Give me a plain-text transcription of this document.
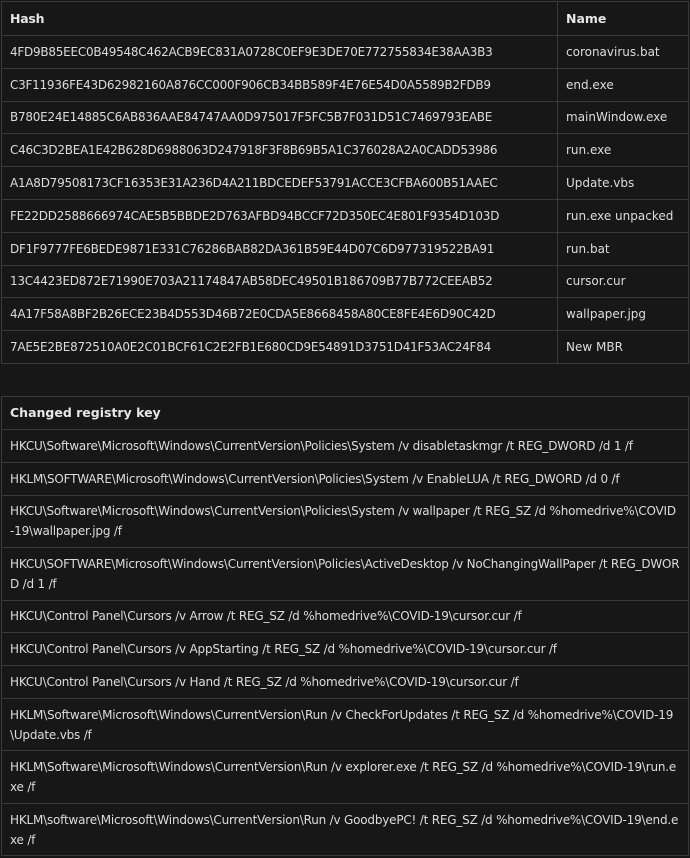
Hash	Name
4FD9B85EEC0B49548C462ACB9EC831A0728C0EF9E3DE70E772755834E38AA3B3	coronavirus.bat
C3F11936FE43D62982160A876CC000F906CB34BB589F4E76E54D0A5589B2FDB9	end.exe
B780E24E14885C6AB836AAE84747AA0D975017F5FC5B7F031D51C7469793EABE	mainWindow.exe
C46C3D2BEA1E42B628D6988063D247918F3F8B69B5A1C376028A2A0CADD53986	run.exe
A1A8D79508173CF16353E31A236D4A211BDCEDEF53791ACCE3CFBA600B51AAEC	Update.vbs
FE22DD2588666974CAE5B5BBDE2D763AFBD94BCCF72D350EC4E801F9354D103D	run.exe unpacked
DF1F9777FE6BEDE9871E331C76286BAB82DA361B59E44D07C6D977319522BA91	run.bat
13C4423ED872E71990E703A21174847AB58DEC49501B186709B77B772CEEAB52	cursor.cur
4A17F58A8BF2B26ECE23B4D553D46B72E0CDA5E8668458A80CE8FE4E6D90C42D	wallpaper.jpg
7AE5E2BE872510A0E2C01BCF61C2E2FB1E680CD9E54891D3751D41F53AC24F84	New MBR
Changed registry key
HKCU\Software\Microsoft\Windows\CurrentVersion\Policies\System /v disabletaskmgr /t REG_DWORD /d 1 /f
HKLM\SOFTWARE\Microsoft\Windows\CurrentVersion\Policies\System /v EnableLUA /t REG_DWORD /d 0 /f
HKCU\Software\Microsoft\Windows\CurrentVersion\Policies\System /v wallpaper /t REG_SZ /d %homedrive%\COVID-19\wallpaper.jpg /f
HKCU\SOFTWARE\Microsoft\Windows\CurrentVersion\Policies\ActiveDesktop /v NoChangingWallPaper /t REG_DWORD /d 1 /f
HKCU\Control Panel\Cursors /v Arrow /t REG_SZ /d %homedrive%\COVID-19\cursor.cur /f
HKCU\Control Panel\Cursors /v AppStarting /t REG_SZ /d %homedrive%\COVID-19\cursor.cur /f
HKCU\Control Panel\Cursors /v Hand /t REG_SZ /d %homedrive%\COVID-19\cursor.cur /f
HKLM\Software\Microsoft\Windows\CurrentVersion\Run /v CheckForUpdates /t REG_SZ /d %homedrive%\COVID-19\Update.vbs /f
HKLM\Software\Microsoft\Windows\CurrentVersion\Run /v explorer.exe /t REG_SZ /d %homedrive%\COVID-19\run.exe /f
HKLM\software\Microsoft\Windows\CurrentVersion\Run /v GoodbyePC! /t REG_SZ /d %homedrive%\COVID-19\end.exe /f
